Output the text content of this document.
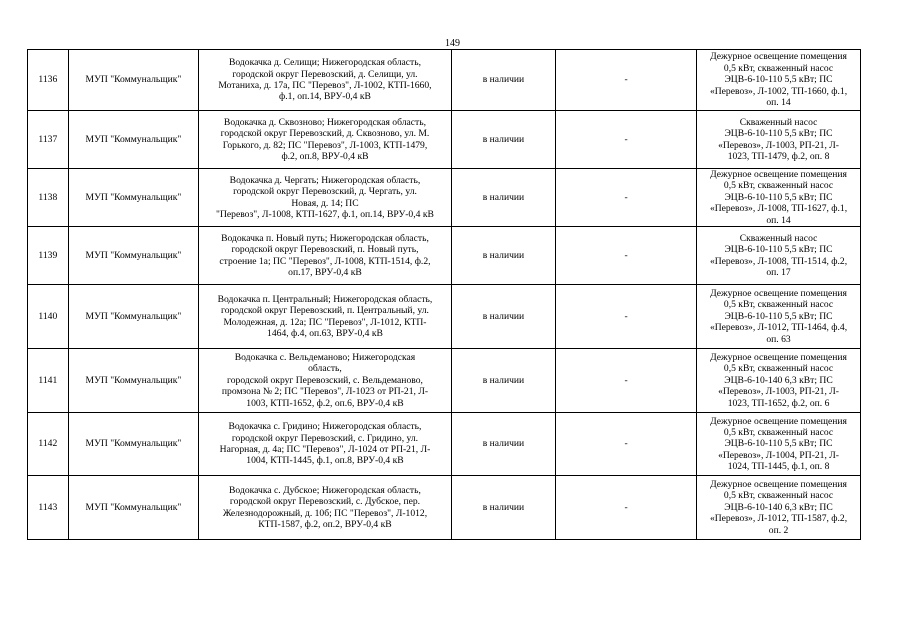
149
1136	МУП "Коммунальщик"	Водокачка д. Селищи; Нижегородская область,
городской округ Перевозский, д. Селищи, ул.
Мотаниха, д. 17а, ПС "Перевоз", Л-1002, КТП-1660,
ф.1, оп.14, ВРУ-0,4 кВ	в наличии	-	Дежурное освещение помещения
0,5 кВт, скваженный насос
ЭЦВ-6-10-110 5,5 кВт; ПС
«Перевоз», Л-1002, ТП-1660, ф.1,
оп. 14

1137	МУП "Коммунальщик"	Водокачка д. Сквозново; Нижегородская область,
городской округ Перевозский, д. Сквозново, ул. М.
Горького, д. 82; ПС "Перевоз", Л-1003, КТП-1479,
ф.2, оп.8, ВРУ-0,4 кВ	в наличии	-	Скваженный насос
ЭЦВ-6-10-110 5,5 кВт; ПС
«Перевоз», Л-1003, РП-21, Л-
1023, ТП-1479, ф.2, оп. 8

1138	МУП "Коммунальщик"	Водокачка д. Чергать; Нижегородская область,
городской округ Перевозский, д. Чергать, ул.
Новая, д. 14; ПС
"Перевоз", Л-1008, КТП-1627, ф.1, оп.14, ВРУ-0,4 кВ	в наличии	-	Дежурное освещение помещения
0,5 кВт, скваженный насос
ЭЦВ-6-10-110 5,5 кВт; ПС
«Перевоз», Л-1008, ТП-1627, ф.1,
оп. 14

1139	МУП "Коммунальщик"	Водокачка п. Новый путь; Нижегородская область,
городской округ Перевозский, п. Новый путь,
строение 1а; ПС "Перевоз", Л-1008, КТП-1514, ф.2,
оп.17, ВРУ-0,4 кВ	в наличии	-	Скваженный насос
ЭЦВ-6-10-110 5,5 кВт; ПС
«Перевоз», Л-1008, ТП-1514, ф.2,
оп. 17

1140	МУП "Коммунальщик"	Водокачка п. Центральный; Нижегородская область,
городской округ Перевозский, п. Центральный, ул.
Молодежная, д. 12а; ПС "Перевоз", Л-1012, КТП-
1464, ф.4, оп.63, ВРУ-0,4 кВ	в наличии	-	Дежурное освещение помещения
0,5 кВт, скваженный насос
ЭЦВ-6-10-110 5,5 кВт; ПС
«Перевоз», Л-1012, ТП-1464, ф.4,
оп. 63

1141	МУП "Коммунальщик"	Водокачка с. Вельдеманово; Нижегородская
область,
городской округ Перевозский, с. Вельдеманово,
промзона № 2; ПС "Перевоз", Л-1023 от РП-21, Л-
1003, КТП-1652, ф.2, оп.6, ВРУ-0,4 кВ	в наличии	-	Дежурное освещение помещения
0,5 кВт, скваженный насос
ЭЦВ-6-10-140 6,3 кВт; ПС
«Перевоз», Л-1003, РП-21, Л-
1023, ТП-1652, ф.2, оп. 6

1142	МУП "Коммунальщик"	Водокачка с. Гридино; Нижегородская область,
городской округ Перевозский, с. Гридино, ул.
Нагорная, д. 4а; ПС "Перевоз", Л-1024 от РП-21, Л-
1004, КТП-1445, ф.1, оп.8, ВРУ-0,4 кВ	в наличии	-	Дежурное освещение помещения
0,5 кВт, скваженный насос
ЭЦВ-6-10-110 5,5 кВт; ПС
«Перевоз», Л-1004, РП-21, Л-
1024, ТП-1445, ф.1, оп. 8

1143	МУП "Коммунальщик"	Водокачка с. Дубское; Нижегородская область,
городской округ Перевозский, с. Дубское, пер.
Железнодорожный, д. 10б; ПС "Перевоз", Л-1012,
КТП-1587, ф.2, оп.2, ВРУ-0,4 кВ	в наличии	-	Дежурное освещение помещения
0,5 кВт, скваженный насос
ЭЦВ-6-10-140 6,3 кВт; ПС
«Перевоз», Л-1012, ТП-1587, ф.2,
оп. 2
